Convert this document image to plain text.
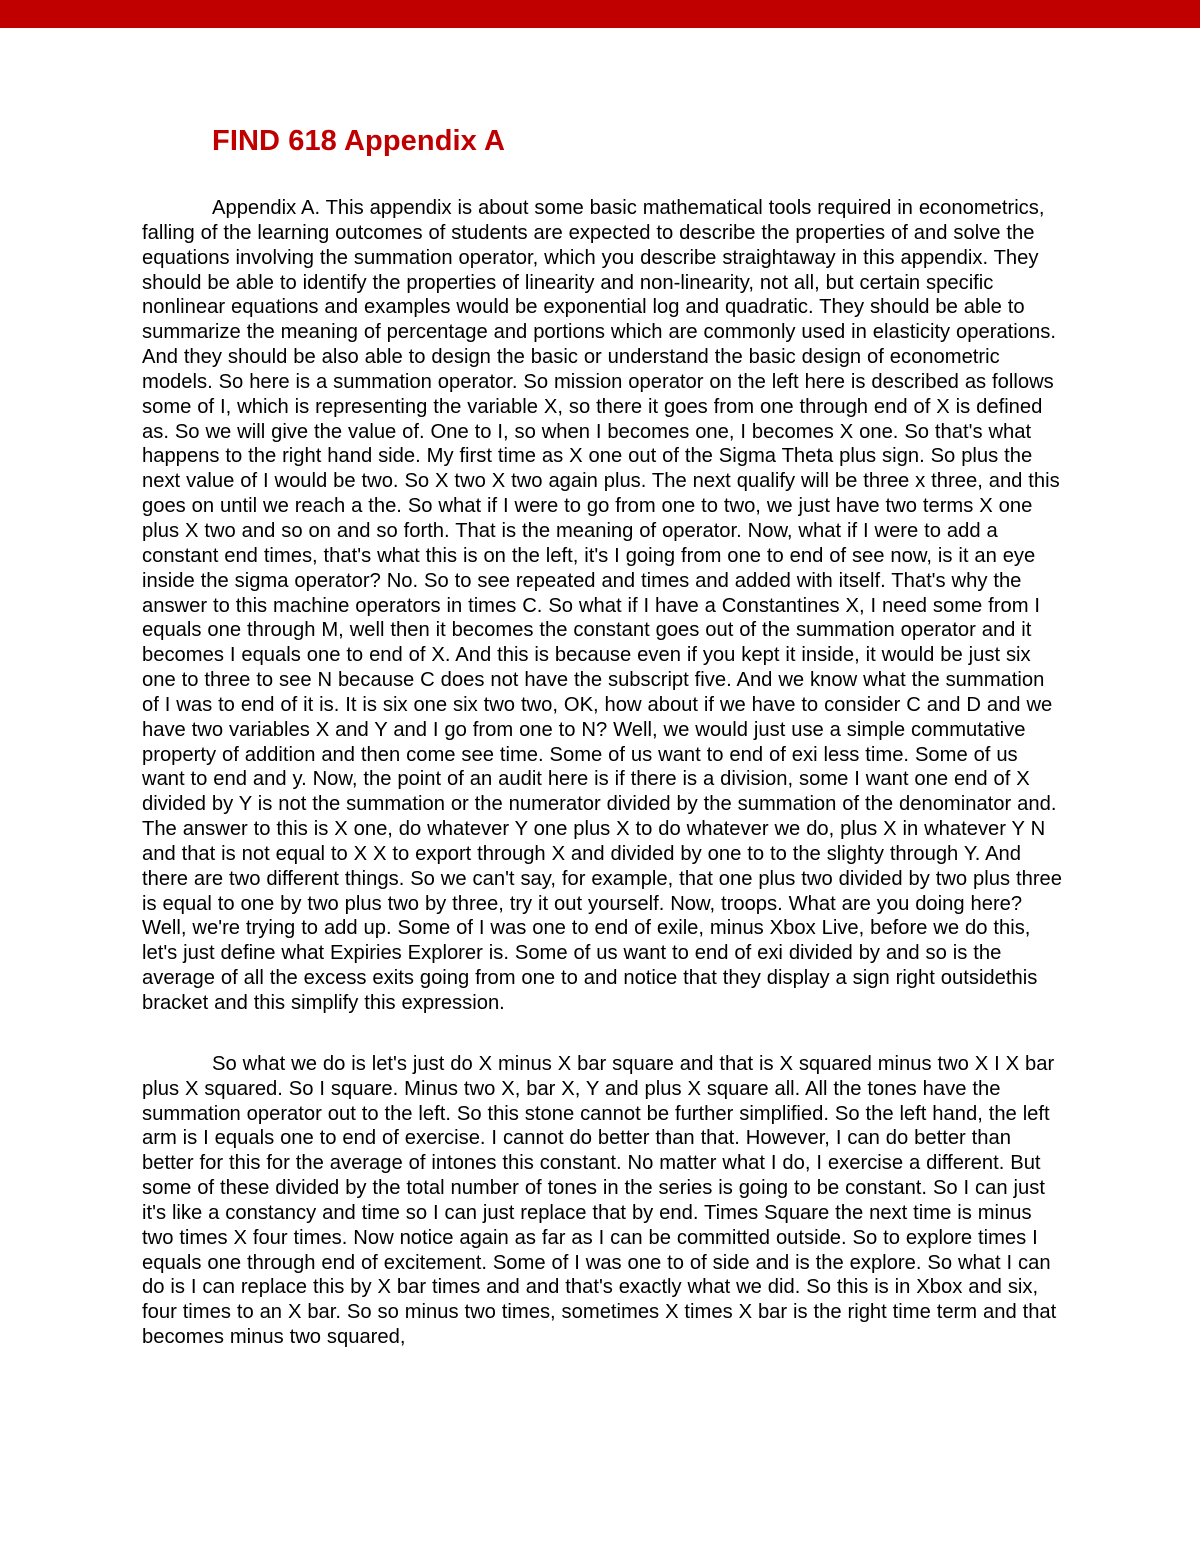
FIND 618 Appendix A

Appendix A. This appendix is about some basic mathematical tools required in econometrics, falling of the learning outcomes of students are expected to describe the properties of and solve the equations involving the summation operator, which you describe straightaway in this appendix. They should be able to identify the properties of linearity and non-linearity, not all, but certain specific nonlinear equations and examples would be exponential log and quadratic. They should be able to summarize the meaning of percentage and portions which are commonly used in elasticity operations. And they should be also able to design the basic or understand the basic design of econometric models. So here is a summation operator. So mission operator on the left here is described as follows some of I, which is representing the variable X, so there it goes from one through end of X is defined as. So we will give the value of. One to I, so when I becomes one, I becomes X one. So that's what happens to the right hand side. My first time as X one out of the Sigma Theta plus sign. So plus the next value of I would be two. So X two X two again plus. The next qualify will be three x three, and this goes on until we reach a the. So what if I were to go from one to two, we just have two terms X one plus X two and so on and so forth. That is the meaning of operator. Now, what if I were to add a constant end times, that's what this is on the left, it's I going from one to end of see now, is it an eye inside the sigma operator? No. So to see repeated and times and added with itself. That's why the answer to this machine operators in times C. So what if I have a Constantines X, I need some from I equals one through M, well then it becomes the constant goes out of the summation operator and it becomes I equals one to end of X. And this is because even if you kept it inside, it would be just six one to three to see N because C does not have the subscript five. And we know what the summation of I was to end of it is. It is six one six two two, OK, how about if we have to consider C and D and we have two variables X and Y and I go from one to N? Well, we would just use a simple commutative property of addition and then come see time. Some of us want to end of exi less time. Some of us want to end and y. Now, the point of an audit here is if there is a division, some I want one end of X divided by Y is not the summation or the numerator divided by the summation of the denominator and. The answer to this is X one, do whatever Y one plus X to do whatever we do, plus X in whatever Y N and that is not equal to X X to export through X and divided by one to to the slighty through Y. And there are two different things. So we can't say, for example, that one plus two divided by two plus three is equal to one by two plus two by three, try it out yourself. Now, troops. What are you doing here? Well, we're trying to add up. Some of I was one to end of exile, minus Xbox Live, before we do this, let's just define what Expiries Explorer is. Some of us want to end of exi divided by and so is the average of all the excess exits going from one to and notice that they display a sign right outsidethis bracket and this simplify this expression.

So what we do is let's just do X minus X bar square and that is X squared minus two X I X bar plus X squared. So I square. Minus two X, bar X, Y and plus X square all. All the tones have the summation operator out to the left. So this stone cannot be further simplified. So the left hand, the left arm is I equals one to end of exercise. I cannot do better than that. However, I can do better than better for this for the average of intones this constant. No matter what I do, I exercise a different. But some of these divided by the total number of tones in the series is going to be constant. So I can just it's like a constancy and time so I can just replace that by end. Times Square the next time is minus two times X four times. Now notice again as far as I can be committed outside. So to explore times I equals one through end of excitement. Some of I was one to of side and is the explore. So what I can do is I can replace this by X bar times and and that's exactly what we did. So this is in Xbox and six, four times to an X bar. So so minus two times, sometimes X times X bar is the right time term and that becomes minus two squared,
